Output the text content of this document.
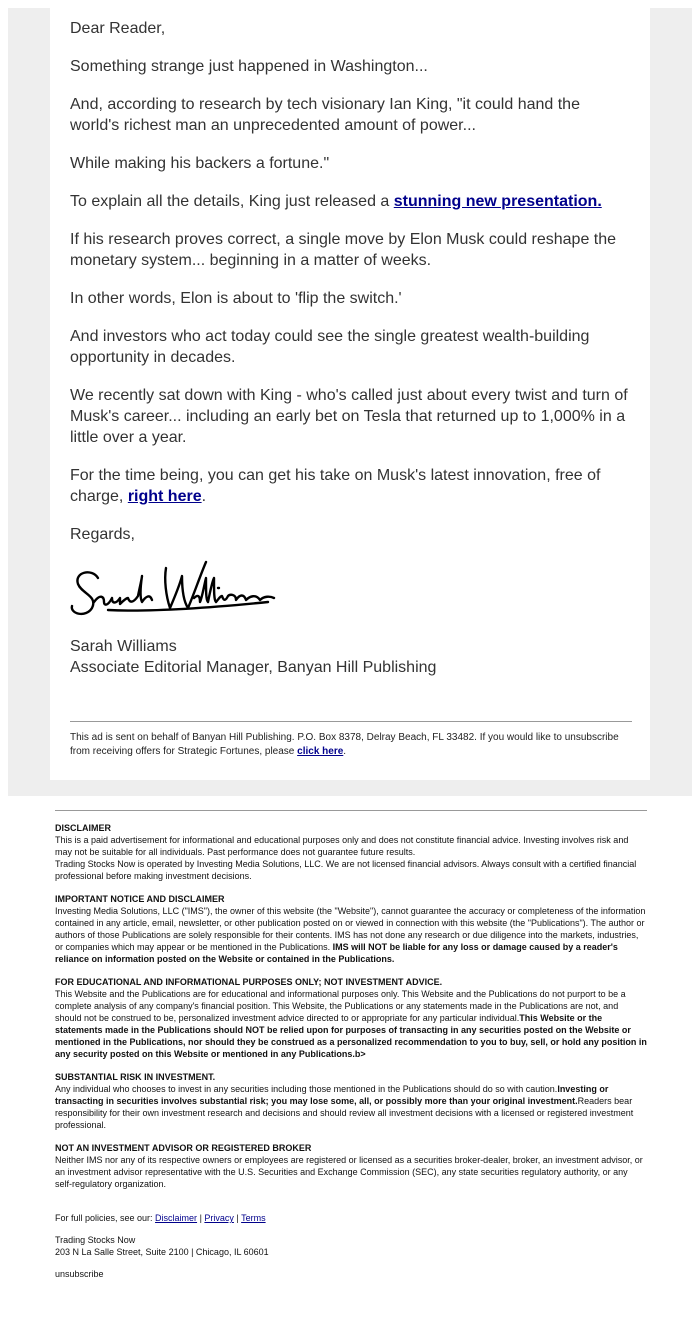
Dear Reader,

Something strange just happened in Washington...

And, according to research by tech visionary Ian King, "it could hand the world's richest man an unprecedented amount of power...

While making his backers a fortune."

To explain all the details, King just released a stunning new presentation.

If his research proves correct, a single move by Elon Musk could reshape the monetary system... beginning in a matter of weeks.

In other words, Elon is about to 'flip the switch.'

And investors who act today could see the single greatest wealth-building opportunity in decades.

We recently sat down with King - who's called just about every twist and turn of Musk's career... including an early bet on Tesla that returned up to 1,000% in a little over a year.

For the time being, you can get his take on Musk's latest innovation, free of charge, right here.

Regards,

Sarah Williams
Associate Editorial Manager, Banyan Hill Publishing
This ad is sent on behalf of Banyan Hill Publishing. P.O. Box 8378, Delray Beach, FL 33482. If you would like to unsubscribe from receiving offers for Strategic Fortunes, please click here.
DISCLAIMER
This is a paid advertisement for informational and educational purposes only and does not constitute financial advice. Investing involves risk and may not be suitable for all individuals. Past performance does not guarantee future results.
Trading Stocks Now is operated by Investing Media Solutions, LLC. We are not licensed financial advisors. Always consult with a certified financial professional before making investment decisions.
IMPORTANT NOTICE AND DISCLAIMER
Investing Media Solutions, LLC ("IMS"), the owner of this website (the "Website"), cannot guarantee the accuracy or completeness of the information contained in any article, email, newsletter, or other publication posted on or viewed in connection with this website (the "Publications"). The author or authors of those Publications are solely responsible for their contents. IMS has not done any research or due diligence into the markets, industries, or companies which may appear or be mentioned in the Publications. IMS will NOT be liable for any loss or damage caused by a reader's reliance on information posted on the Website or contained in the Publications.
FOR EDUCATIONAL AND INFORMATIONAL PURPOSES ONLY; NOT INVESTMENT ADVICE.
This Website and the Publications are for educational and informational purposes only. This Website and the Publications do not purport to be a complete analysis of any company's financial position. This Website, the Publications or any statements made in the Publications are not, and should not be construed to be, personalized investment advice directed to or appropriate for any particular individual.This Website or the statements made in the Publications should NOT be relied upon for purposes of transacting in any securities posted on the Website or mentioned in the Publications, nor should they be construed as a personalized recommendation to you to buy, sell, or hold any position in any security posted on this Website or mentioned in any Publications.b>
SUBSTANTIAL RISK IN INVESTMENT.
Any individual who chooses to invest in any securities including those mentioned in the Publications should do so with caution.Investing or transacting in securities involves substantial risk; you may lose some, all, or possibly more than your original investment.Readers bear responsibility for their own investment research and decisions and should review all investment decisions with a licensed or registered investment professional.
NOT AN INVESTMENT ADVISOR OR REGISTERED BROKER
Neither IMS nor any of its respective owners or employees are registered or licensed as a securities broker-dealer, broker, an investment advisor, or an investment advisor representative with the U.S. Securities and Exchange Commission (SEC), any state securities regulatory authority, or any self-regulatory organization.
For full policies, see our: Disclaimer | Privacy | Terms
Trading Stocks Now
203 N La Salle Street, Suite 2100 | Chicago, IL 60601
unsubscribe
